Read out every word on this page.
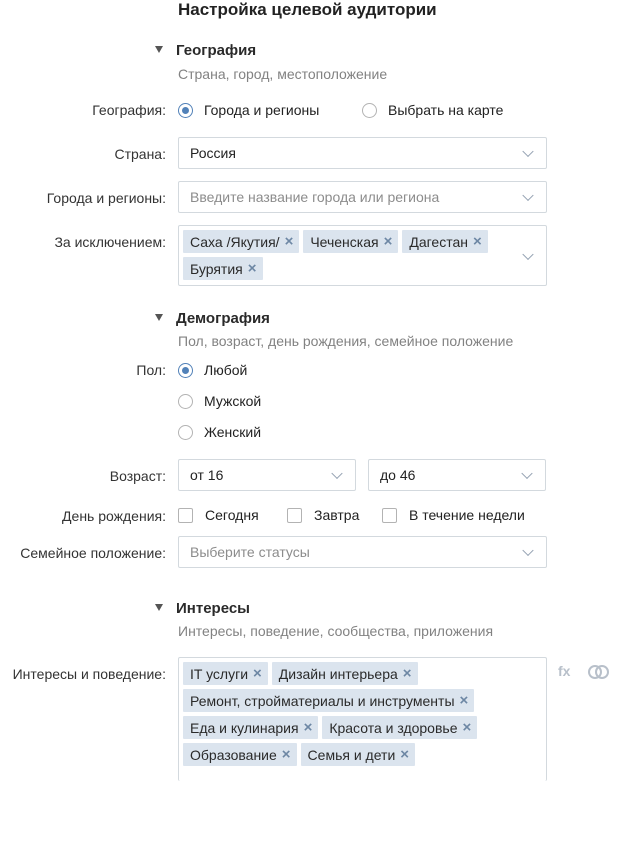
Настройка целевой аудитории
География
Страна, город, местоположение
География:	Города и регионы	Выбрать на карте
Страна: Россия
Города и регионы: Введите название города или региона
За исключением: Саха /Якутия/ × Чеченская × Дагестан ×
Бурятия ×
Демография
Пол, возраст, день рождения, семейное положение
Пол:	Любой
Мужской
Женский
Возраст: от 16	до 46
День рождения:	Сегодня	Завтра	В течение недели
Семейное положение: Выберите статусы
Интересы
Интересы, поведение, сообщества, приложения
Интересы и поведение: IT услуги × Дизайн интерьера ×
Ремонт, стройматериалы и инструменты ×
Еда и кулинария × Красота и здоровье ×
Образование × Семья и дети ×
fx
